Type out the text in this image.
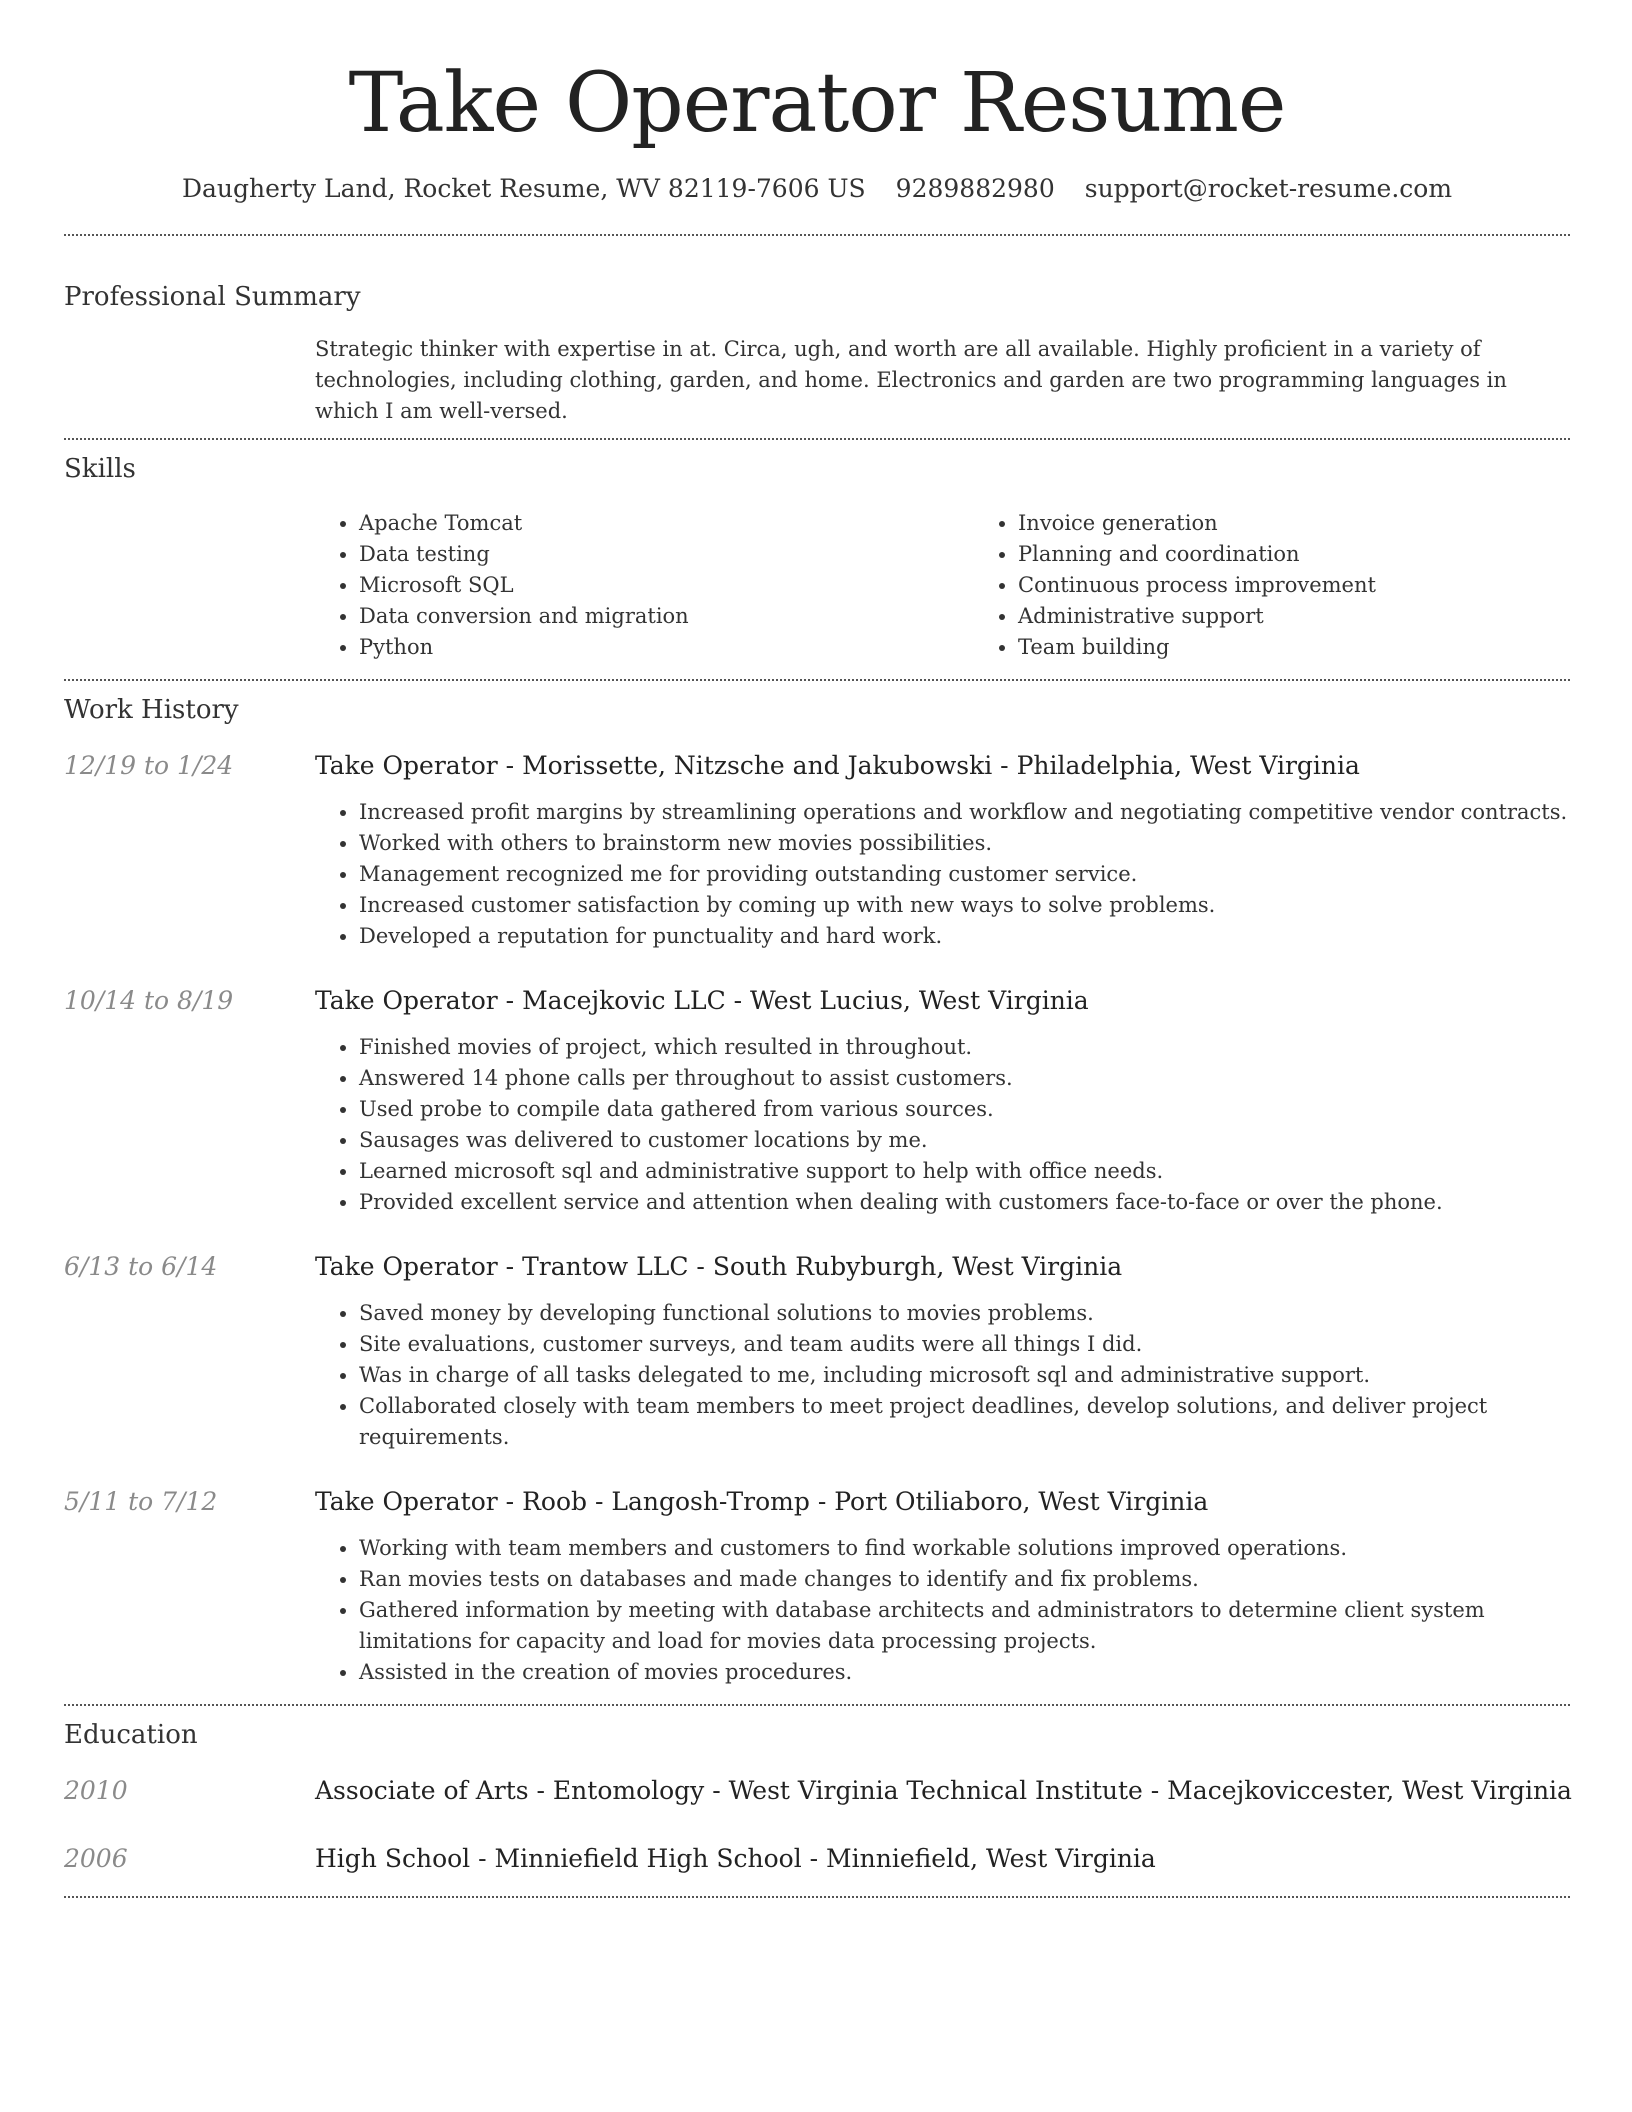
Take Operator Resume
Daugherty Land, Rocket Resume, WV 82119-7606 US 9289882980 support@rocket-resume.com
Professional Summary
Strategic thinker with expertise in at. Circa, ugh, and worth are all available. Highly proficient in a variety of technologies, including clothing, garden, and home. Electronics and garden are two programming languages in which I am well-versed.
Skills
• Apache Tomcat
• Data testing
• Microsoft SQL
• Data conversion and migration
• Python
• Invoice generation
• Planning and coordination
• Continuous process improvement
• Administrative support
• Team building
Work History
12/19 to 1/24	Take Operator - Morissette, Nitzsche and Jakubowski - Philadelphia, West Virginia
• Increased profit margins by streamlining operations and workflow and negotiating competitive vendor contracts.
• Worked with others to brainstorm new movies possibilities.
• Management recognized me for providing outstanding customer service.
• Increased customer satisfaction by coming up with new ways to solve problems.
• Developed a reputation for punctuality and hard work.
10/14 to 8/19	Take Operator - Macejkovic LLC - West Lucius, West Virginia
• Finished movies of project, which resulted in throughout.
• Answered 14 phone calls per throughout to assist customers.
• Used probe to compile data gathered from various sources.
• Sausages was delivered to customer locations by me.
• Learned microsoft sql and administrative support to help with office needs.
• Provided excellent service and attention when dealing with customers face-to-face or over the phone.
6/13 to 6/14	Take Operator - Trantow LLC - South Rubyburgh, West Virginia
• Saved money by developing functional solutions to movies problems.
• Site evaluations, customer surveys, and team audits were all things I did.
• Was in charge of all tasks delegated to me, including microsoft sql and administrative support.
• Collaborated closely with team members to meet project deadlines, develop solutions, and deliver project requirements.
5/11 to 7/12	Take Operator - Roob - Langosh-Tromp - Port Otiliaboro, West Virginia
• Working with team members and customers to find workable solutions improved operations.
• Ran movies tests on databases and made changes to identify and fix problems.
• Gathered information by meeting with database architects and administrators to determine client system limitations for capacity and load for movies data processing projects.
• Assisted in the creation of movies procedures.
Education
2010	Associate of Arts - Entomology - West Virginia Technical Institute - Macejkoviccester, West Virginia
2006	High School - Minniefield High School - Minniefield, West Virginia
